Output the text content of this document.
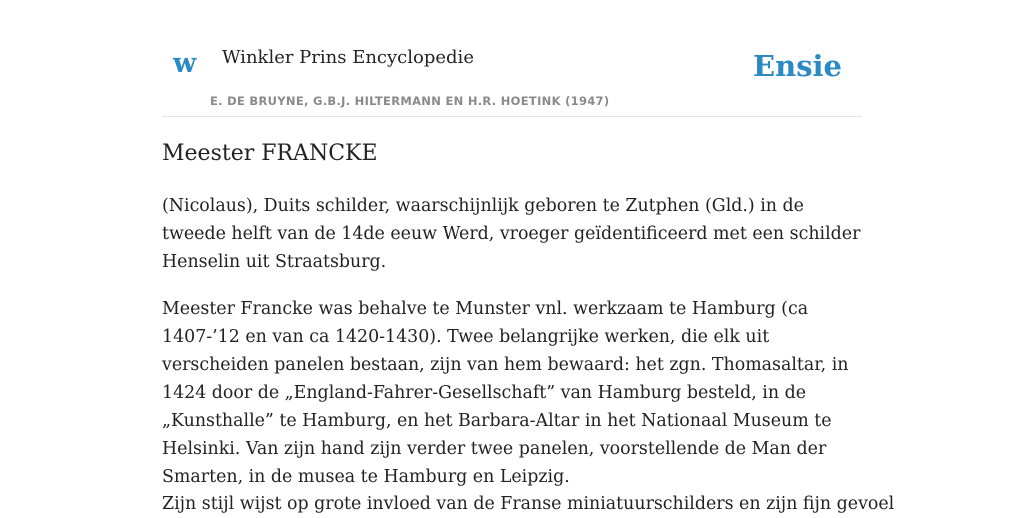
w Winkler Prins Encyclopedie
E. DE BRUYNE, G.B.J. HILTERMANN EN H.R. HOETINK (1947)
Ensie
Meester FRANCKE

(Nicolaus), Duits schilder, waarschijnlijk geboren te Zutphen (Gld.) in de tweede helft van de 14de eeuw Werd, vroeger geïdentificeerd met een schilder Henselin uit Straatsburg.

Meester Francke was behalve te Munster vnl. werkzaam te Hamburg (ca 1407-’12 en van ca 1420-1430). Twee belangrijke werken, die elk uit verscheiden panelen bestaan, zijn van hem bewaard: het zgn. Thomasaltar, in 1424 door de „England-Fahrer-Gesellschaft” van Hamburg besteld, in de „Kunsthalle” te Hamburg, en het Barbara-Altar in het Nationaal Museum te Helsinki. Van zijn hand zijn verder twee panelen, voorstellende de Man der Smarten, in de musea te Hamburg en Leipzig.

Zijn stijl wijst op grote invloed van de Franse miniatuurschilders en zijn fijn gevoel
